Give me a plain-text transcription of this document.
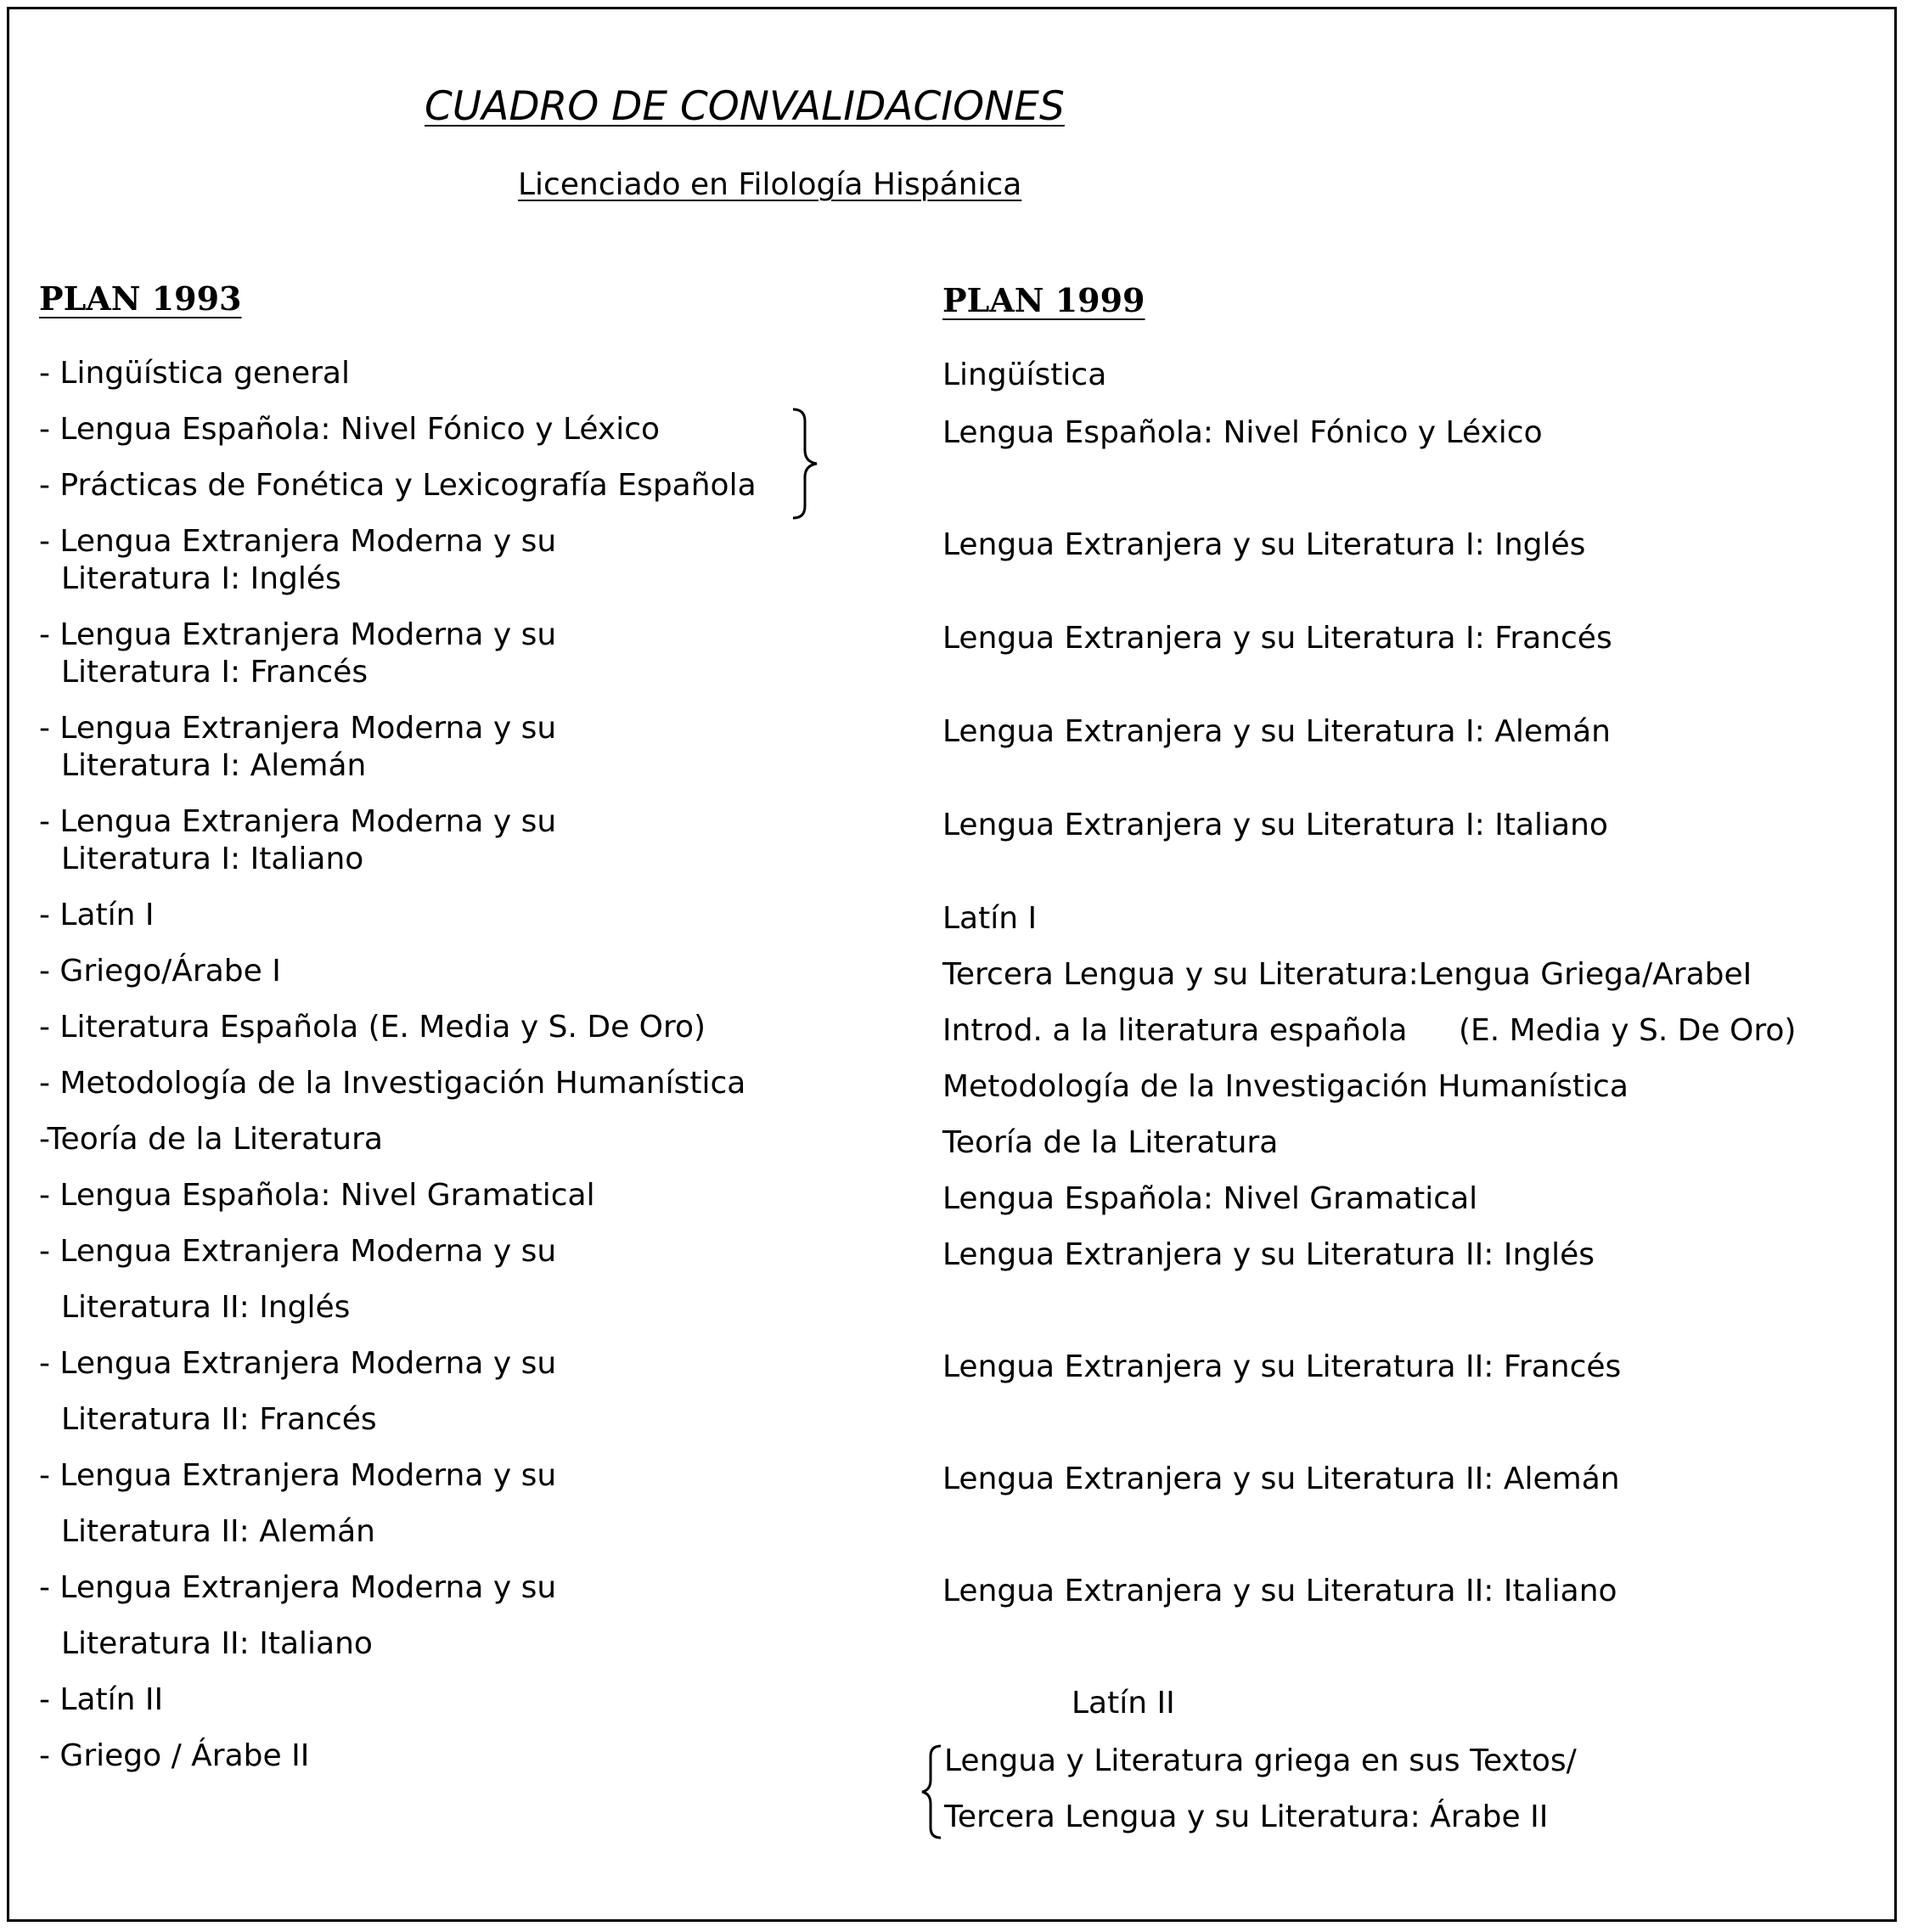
CUADRO DE CONVALIDACIONES
Licenciado en Filología Hispánica
PLAN 1993	PLAN 1999
- Lingüística general
- Lengua Española: Nivel Fónico y Léxico
- Prácticas de Fonética y Lexicografía Española
- Lengua Extranjera Moderna y su
Literatura I: Inglés
- Lengua Extranjera Moderna y su
Literatura I: Francés
- Lengua Extranjera Moderna y su
Literatura I: Alemán
- Lengua Extranjera Moderna y su
Literatura I: Italiano
- Latín I
- Griego/Árabe I
- Literatura Española (E. Media y S. De Oro)
- Metodología de la Investigación Humanística
-Teoría de la Literatura
- Lengua Española: Nivel Gramatical
- Lengua Extranjera Moderna y su
Literatura II: Inglés
- Lengua Extranjera Moderna y su
Literatura II: Francés
- Lengua Extranjera Moderna y su
Literatura II: Alemán
- Lengua Extranjera Moderna y su
Literatura II: Italiano
- Latín II
- Griego / Árabe II
Lingüística
Lengua Española: Nivel Fónico y Léxico
Lengua Extranjera y su Literatura I: Inglés
Lengua Extranjera y su Literatura I: Francés
Lengua Extranjera y su Literatura I: Alemán
Lengua Extranjera y su Literatura I: Italiano
Latín I
Tercera Lengua y su Literatura:Lengua Griega/ArabeI
Introd. a la literatura española (E. Media y S. De Oro)
Metodología de la Investigación Humanística
Teoría de la Literatura
Lengua Española: Nivel Gramatical
Lengua Extranjera y su Literatura II: Inglés
Lengua Extranjera y su Literatura II: Francés
Lengua Extranjera y su Literatura II: Alemán
Lengua Extranjera y su Literatura II: Italiano
Latín II
Lengua y Literatura griega en sus Textos/
Tercera Lengua y su Literatura: Árabe II
